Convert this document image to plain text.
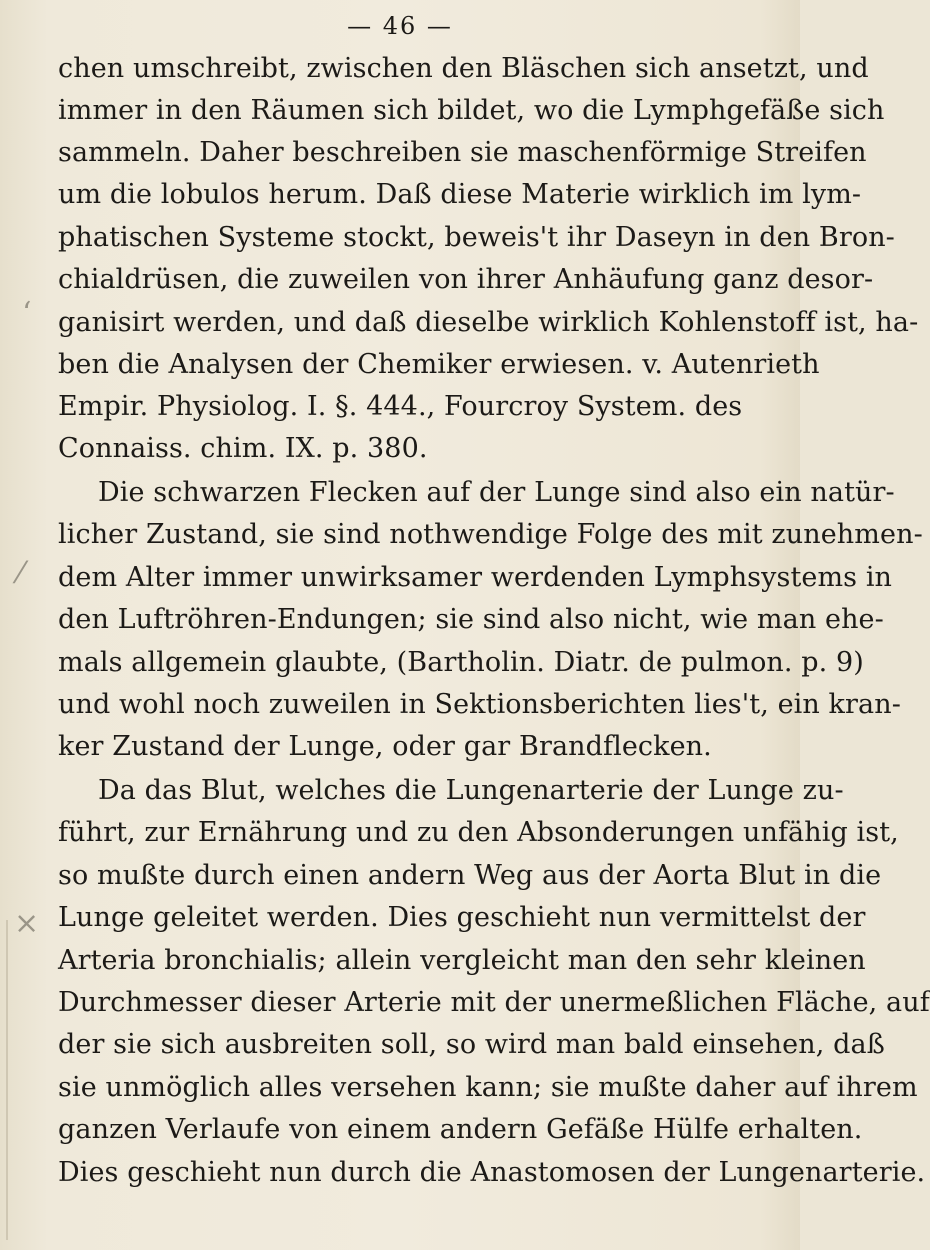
— 46 —
chen umschreibt, zwischen den Bläschen sich ansetzt, und
immer in den Räumen sich bildet, wo die Lymphgefäße sich
sammeln. Daher beschreiben sie maschenförmige Streifen
um die lobulos herum. Daß diese Materie wirklich im lym-
phatischen Systeme stockt, beweis't ihr Daseyn in den Bron-
chialdrüsen, die zuweilen von ihrer Anhäufung ganz desor-
ganisirt werden, und daß dieselbe wirklich Kohlenstoff ist, ha-
ben die Analysen der Chemiker erwiesen. v. Autenrieth
Empir. Physiolog. I. §. 444., Fourcroy System. des
Connaiss. chim. IX. p. 380.
Die schwarzen Flecken auf der Lunge sind also ein natür-
licher Zustand, sie sind nothwendige Folge des mit zunehmen-
dem Alter immer unwirksamer werdenden Lymphsystems in
den Luftröhren-Endungen; sie sind also nicht, wie man ehe-
mals allgemein glaubte, (Bartholin. Diatr. de pulmon. p. 9)
und wohl noch zuweilen in Sektionsberichten lies't, ein kran-
ker Zustand der Lunge, oder gar Brandflecken.
Da das Blut, welches die Lungenarterie der Lunge zu-
führt, zur Ernährung und zu den Absonderungen unfähig ist,
so mußte durch einen andern Weg aus der Aorta Blut in die
Lunge geleitet werden. Dies geschieht nun vermittelst der
Arteria bronchialis; allein vergleicht man den sehr kleinen
Durchmesser dieser Arterie mit der unermeßlichen Fläche, auf
der sie sich ausbreiten soll, so wird man bald einsehen, daß
sie unmöglich alles versehen kann; sie mußte daher auf ihrem
ganzen Verlaufe von einem andern Gefäße Hülfe erhalten.
Dies geschieht nun durch die Anastomosen der Lungenarterie.
‘
⁄
×
